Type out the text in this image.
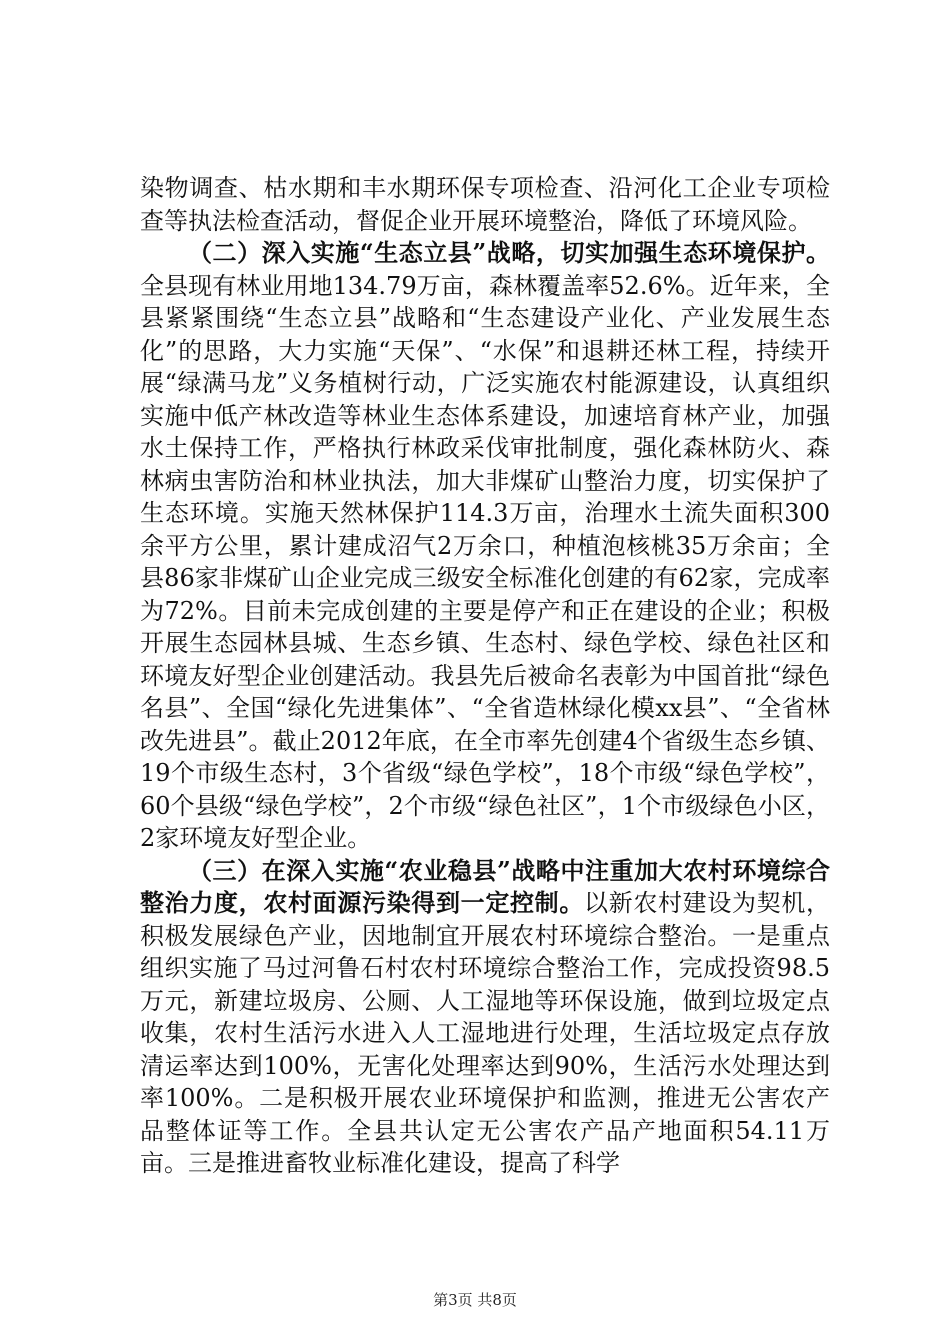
染物调查、枯水期和丰水期环保专项检查、沿河化工企业专项检查等执法检查活动，督促企业开展环境整治，降低了环境风险。

（二）深入实施“生态立县”战略，切实加强生态环境保护。全县现有林业用地134.79万亩，森林覆盖率52.6%。近年来，全县紧紧围绕“生态立县”战略和“生态建设产业化、产业发展生态化”的思路，大力实施“天保”、“水保”和退耕还林工程，持续开展“绿满马龙”义务植树行动，广泛实施农村能源建设，认真组织实施中低产林改造等林业生态体系建设，加速培育林产业，加强水土保持工作，严格执行林政采伐审批制度，强化森林防火、森林病虫害防治和林业执法，加大非煤矿山整治力度，切实保护了生态环境。实施天然林保护114.3万亩，治理水土流失面积300余平方公里，累计建成沼气2万余口，种植泡核桃35万余亩；全县86家非煤矿山企业完成三级安全标准化创建的有62家，完成率为72%。目前未完成创建的主要是停产和正在建设的企业；积极开展生态园林县城、生态乡镇、生态村、绿色学校、绿色社区和环境友好型企业创建活动。我县先后被命名表彰为中国首批“绿色名县”、全国“绿化先进集体”、“全省造林绿化模xx县”、“全省林改先进县”。截止2012年底，在全市率先创建4个省级生态乡镇、19个市级生态村，3个省级“绿色学校”，18个市级“绿色学校”，60个县级“绿色学校”，2个市级“绿色社区”，1个市级绿色小区，2家环境友好型企业。

（三）在深入实施“农业稳县”战略中注重加大农村环境综合整治力度，农村面源污染得到一定控制。以新农村建设为契机，积极发展绿色产业，因地制宜开展农村环境综合整治。一是重点组织实施了马过河鲁石村农村环境综合整治工作，完成投资98.5万元，新建垃圾房、公厕、人工湿地等环保设施，做到垃圾定点收集，农村生活污水进入人工湿地进行处理，生活垃圾定点存放清运率达到100%，无害化处理率达到90%，生活污水处理达到率100%。二是积极开展农业环境保护和监测，推进无公害农产品整体证等工作。全县共认定无公害农产品产地面积54.11万亩。三是推进畜牧业标准化建设，提高了科学

第3页 共8页
